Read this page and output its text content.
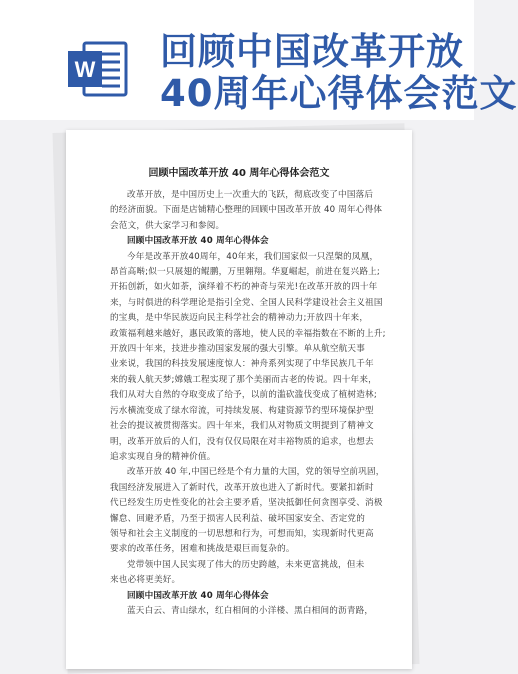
W 回顾中国改革开放
40周年心得体会范文
回顾中国改革开放 40 周年心得体会范文

改革开放，是中国历史上一次重大的飞跃，彻底改变了中国落后
的经济面貌。下面是店铺精心整理的回顾中国改革开放 40 周年心得体
会范文，供大家学习和参阅。

回顾中国改革开放 40 周年心得体会

今年是改革开放40周年，40年来，我们国家似一只涅槃的凤凰，
昂首高啭;似一只展翅的鲲鹏，万里翱翔。华夏崛起，前进在复兴路上;
开拓创新，如火如荼，演绎着不朽的神奇与荣光!在改革开放的四十年
来，与时俱进的科学理论是指引全党、全国人民科学建设社会主义祖国
的宝典，是中华民族迈向民主科学社会的精神动力;开放四十年来，
政策福利越来越好，惠民政策的落地，使人民的幸福指数在不断的上升;
开放四十年来，技进步推动国家发展的强大引擎。单从航空航天事
业来说，我国的科技发展速度惊人：神舟系列实现了中华民族几千年
来的载人航天梦;嫦娥工程实现了那个美丽而古老的传说。四十年来，
我们从对大自然的夺取变成了给予，以前的滥砍滥伐变成了植树造林;
污水横流变成了绿水帘流，可持续发展、构建资源节约型环境保护型
社会的提议被贯彻落实。四十年来，我们从对物质文明提到了精神文
明，改革开放后的人们，没有仅仅局限在对丰裕物质的追求，也想去
追求实现自身的精神价值。

改革开放 40 年,中国已经是个有力量的大国，党的领导空前巩固，
我国经济发展进入了新时代，改革开放也进入了新时代。要紧扣新时
代已经发生历史性变化的社会主要矛盾，坚决抵御任何贪图享受、消极
懈怠、回避矛盾，乃至于损害人民利益、破坏国家安全、否定党的
领导和社会主义制度的一切思想和行为，可想而知，实现新时代更高
要求的改革任务，困难和挑战是艰巨而复杂的。

党带领中国人民实现了伟大的历史跨越，未来更富挑战，但未
来也必将更美好。

回顾中国改革开放 40 周年心得体会

蓝天白云、青山绿水，红白相间的小洋楼、黑白相间的沥青路，
